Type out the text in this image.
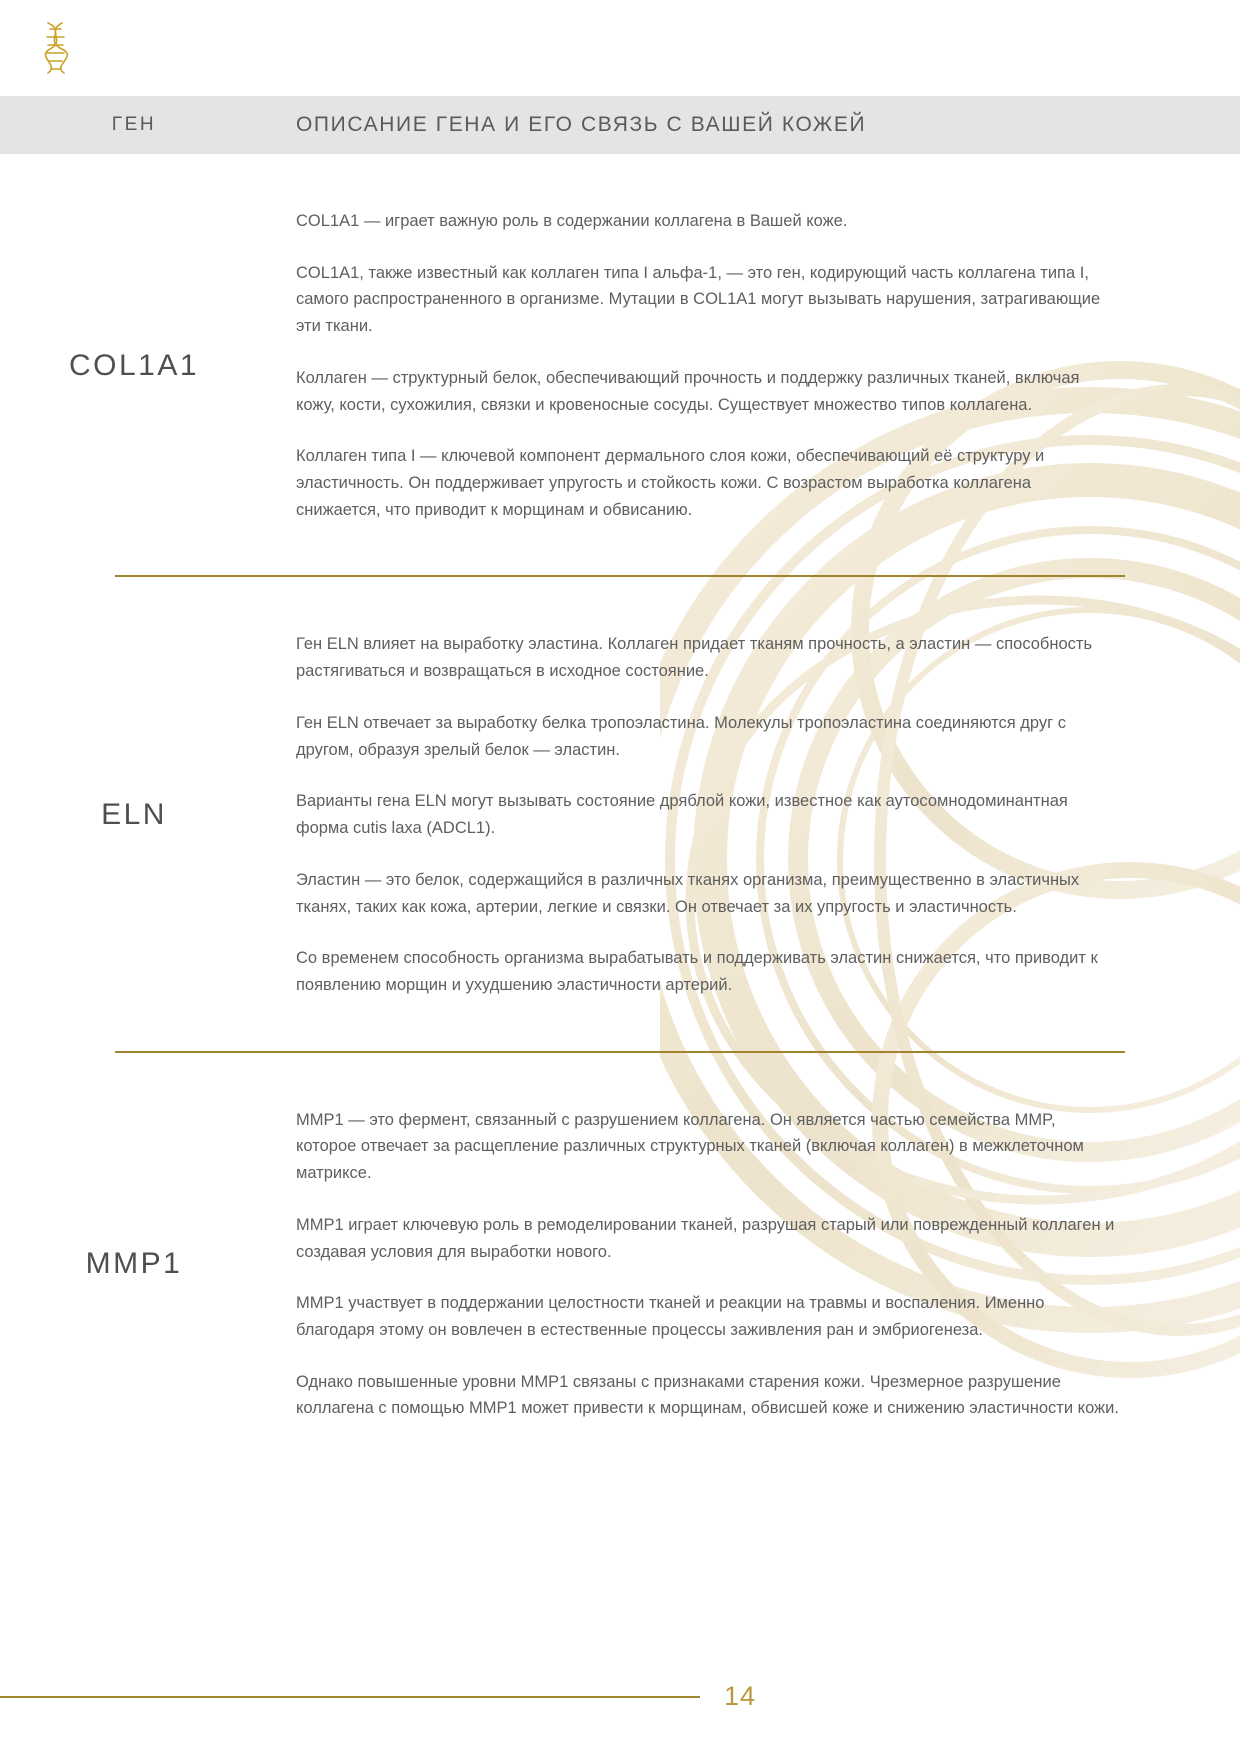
ГЕН	ОПИСАНИЕ ГЕНА И ЕГО СВЯЗЬ С ВАШЕЙ КОЖЕЙ
COL1A1

COL1A1 — играет важную роль в содержании коллагена в Вашей коже.

COL1A1, также известный как коллаген типа I альфа-1, — это ген, кодирующий часть коллагена типа I, самого распространенного в организме. Мутации в COL1A1 могут вызывать нарушения, затрагивающие эти ткани.

Коллаген — структурный белок, обеспечивающий прочность и поддержку различных тканей, включая кожу, кости, сухожилия, связки и кровеносные сосуды. Существует множество типов коллагена.

Коллаген типа I — ключевой компонент дермального слоя кожи, обеспечивающий её структуру и эластичность. Он поддерживает упругость и стойкость кожи. С возрастом выработка коллагена снижается, что приводит к морщинам и обвисанию.

ELN

Ген ELN влияет на выработку эластина. Коллаген придает тканям прочность, а эластин — способность растягиваться и возвращаться в исходное состояние.

Ген ELN отвечает за выработку белка тропоэластина. Молекулы тропоэластина соединяются друг с другом, образуя зрелый белок — эластин.

Варианты гена ELN могут вызывать состояние дряблой кожи, известное как аутосомнодоминантная форма cutis laxa (ADCL1).

Эластин — это белок, содержащийся в различных тканях организма, преимущественно в эластичных тканях, таких как кожа, артерии, легкие и связки. Он отвечает за их упругость и эластичность.

Со временем способность организма вырабатывать и поддерживать эластин снижается, что приводит к появлению морщин и ухудшению эластичности артерий.

MMP1

MMP1 — это фермент, связанный с разрушением коллагена. Он является частью семейства MMP, которое отвечает за расщепление различных структурных тканей (включая коллаген) в межклеточном матриксе.

MMP1 играет ключевую роль в ремоделировании тканей, разрушая старый или поврежденный коллаген и создавая условия для выработки нового.

MMP1 участвует в поддержании целостности тканей и реакции на травмы и воспаления. Именно благодаря этому он вовлечен в естественные процессы заживления ран и эмбриогенеза.

Однако повышенные уровни MMP1 связаны с признаками старения кожи. Чрезмерное разрушение коллагена с помощью MMP1 может привести к морщинам, обвисшей коже и снижению эластичности кожи.

14
